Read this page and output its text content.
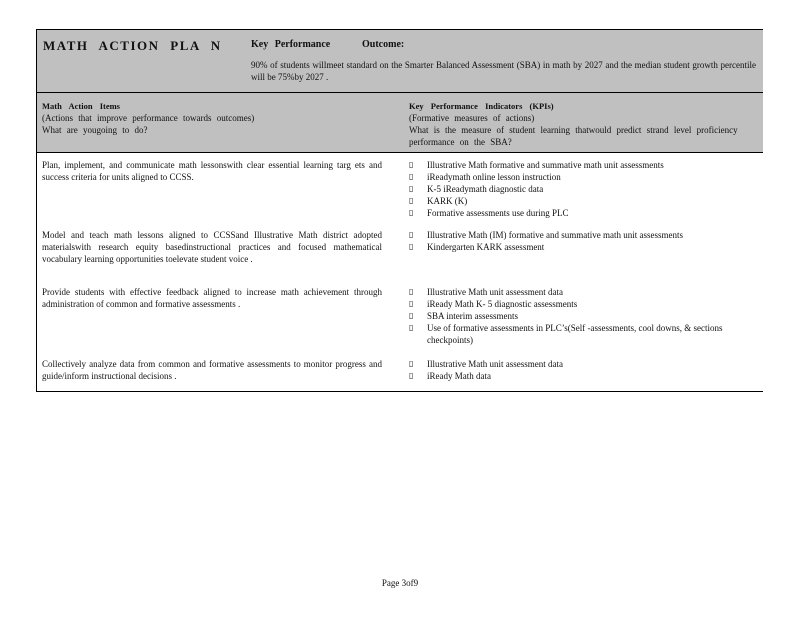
MATH ACTION PLA N	Key Performance	Outcome:
90% of students willmeet standard on the Smarter Balanced Assessment (SBA) in math by 2027 and the median student growth percentile will be 75%by 2027 .
Math Action Items
(Actions that improve performance towards outcomes)
What are yougoing to do?
Key Performance Indicators (KPIs)
(Formative measures of actions)
What is the measure of student learning thatwould predict strand level proficiency performance on the SBA?
Plan, implement, and communicate math lessonswith clear essential learning targ ets and success criteria for units aligned to CCSS.
▯	Illustrative Math formative and summative math unit assessments
▯	iReadymath online lesson instruction
▯	K-5 iReadymath diagnostic data
▯	KARK (K)
▯	Formative assessments use during PLC
Model and teach math lessons aligned to CCSSand Illustrative Math district adopted materialswith research equity basedinstructional practices and focused mathematical vocabulary learning opportunities toelevate student voice .
▯	Illustrative Math (IM) formative and summative math unit assessments
▯	Kindergarten KARK assessment
Provide students with effective feedback aligned to increase math achievement through administration of common and formative assessments .
▯	Illustrative Math unit assessment data
▯	iReady Math K- 5 diagnostic assessments
▯	SBA interim assessments
▯	Use of formative assessments in PLC’s(Self -assessments, cool downs, & sections checkpoints)
Collectively analyze data from common and formative assessments to monitor progress and guide/inform instructional decisions .
▯	Illustrative Math unit assessment data
▯	iReady Math data
Page 3of9
